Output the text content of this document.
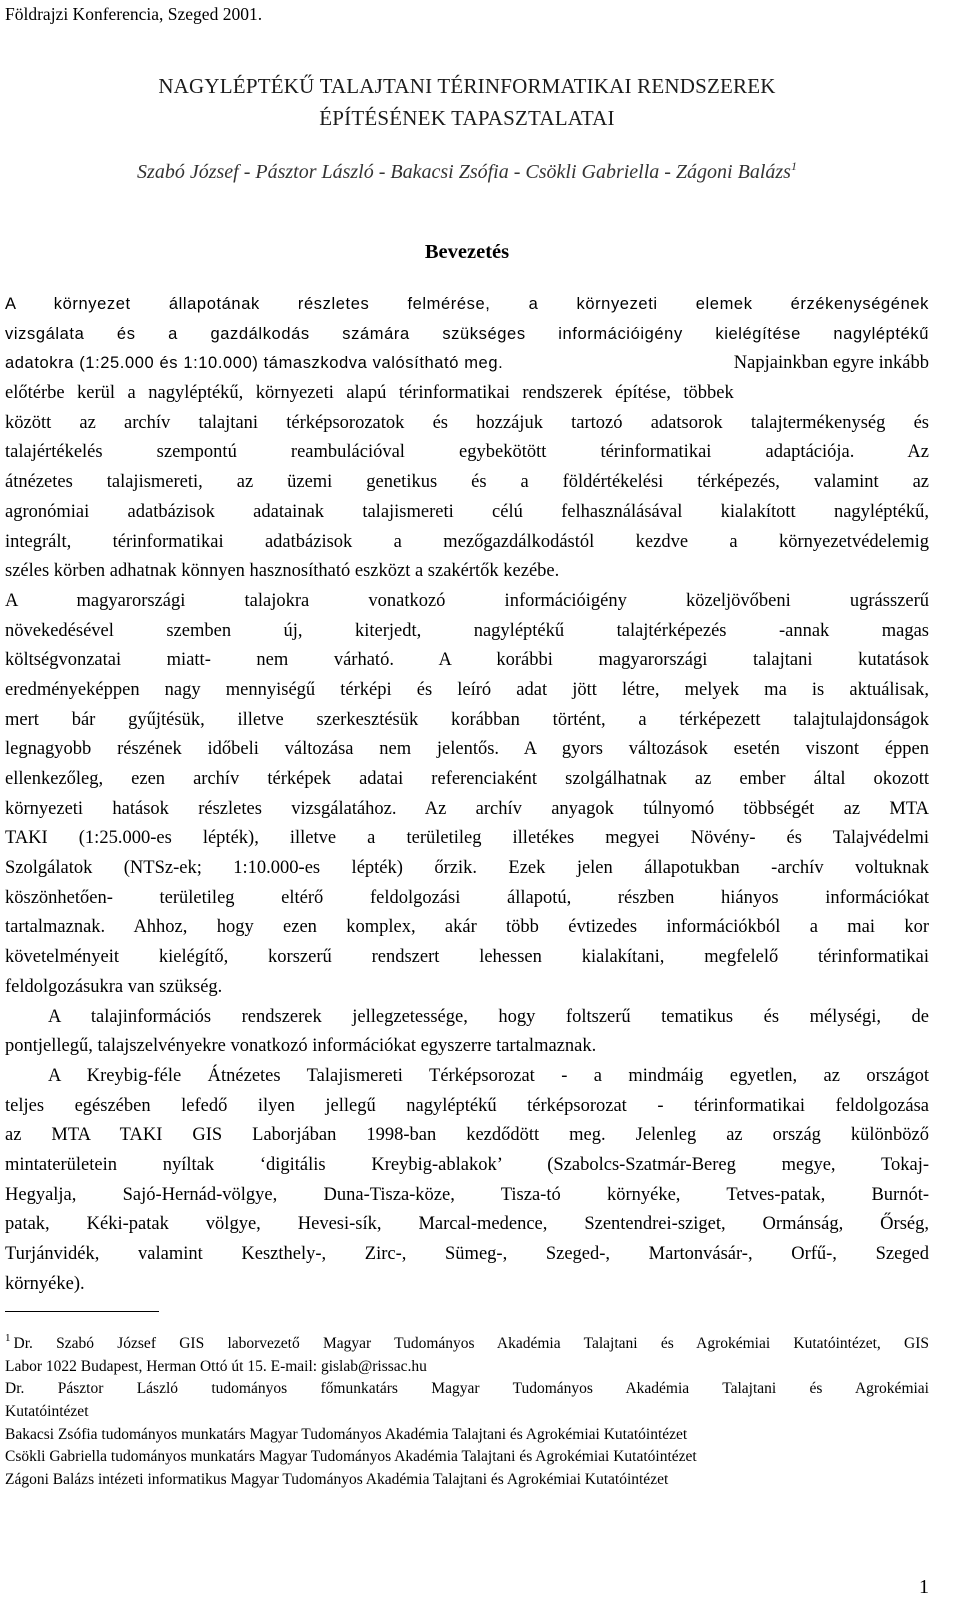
Földrajzi Konferencia, Szeged 2001.
NAGYLÉPTÉKŰ TALAJTANI TÉRINFORMATIKAI RENDSZEREK
ÉPÍTÉSÉNEK TAPASZTALATAI
Szabó József - Pásztor László - Bakacsi Zsófia - Csökli Gabriella - Zágoni Balázs$^1$
Bevezetés
A környezet állapotának részletes felmérése, a környezeti elemek érzékenységének
vizsgálata és a gazdálkodás számára szükséges információigény kielégítése nagyléptékű
adatokra (1:25.000 és 1:10.000) támaszkodva valósítható meg.	Napjainkban egyre inkább
előtérbe kerül a nagyléptékű, környezeti alapú térinformatikai rendszerek építése, többek
között az archív talajtani térképsorozatok és hozzájuk tartozó adatsorok talajtermékenység és
talajértékelés szempontú reambulációval egybekötött térinformatikai adaptációja. Az
átnézetes talajismereti, az üzemi genetikus és a földértékelési térképezés, valamint az
agronómiai adatbázisok adatainak talajismereti célú felhasználásával kialakított nagyléptékű,
integrált, térinformatikai adatbázisok a mezőgazdálkodástól kezdve a környezetvédelemig
széles körben adhatnak könnyen hasznosítható eszközt a szakértők kezébe.
A magyarországi talajokra vonatkozó információigény közeljövőbeni ugrásszerű
növekedésével szemben új, kiterjedt, nagyléptékű talajtérképezés -annak magas
költségvonzatai miatt- nem várható. A korábbi magyarországi talajtani kutatások
eredményeképpen nagy mennyiségű térképi és leíró adat jött létre, melyek ma is aktuálisak,
mert bár gyűjtésük, illetve szerkesztésük korábban történt, a térképezett talajtulajdonságok
legnagyobb részének időbeli változása nem jelentős. A gyors változások esetén viszont éppen
ellenkezőleg, ezen archív térképek adatai referenciaként szolgálhatnak az ember által okozott
környezeti hatások részletes vizsgálatához. Az archív anyagok túlnyomó többségét az MTA
TAKI (1:25.000-es lépték), illetve a területileg illetékes megyei Növény- és Talajvédelmi
Szolgálatok (NTSz-ek; 1:10.000-es lépték) őrzik. Ezek jelen állapotukban -archív voltuknak
köszönhetően- területileg eltérő feldolgozási állapotú, részben hiányos információkat
tartalmaznak. Ahhoz, hogy ezen komplex, akár több évtizedes információkból a mai kor
követelményeit kielégítő, korszerű rendszert lehessen kialakítani, megfelelő térinformatikai
feldolgozásukra van szükség.
A talajinformációs rendszerek jellegzetessége, hogy foltszerű tematikus és mélységi, de
pontjellegű, talajszelvényekre vonatkozó információkat egyszerre tartalmaznak.
A Kreybig-féle Átnézetes Talajismereti Térképsorozat - a mindmáig egyetlen, az országot
teljes egészében lefedő ilyen jellegű nagyléptékű térképsorozat - térinformatikai feldolgozása
az MTA TAKI GIS Laborjában 1998-ban kezdődött meg. Jelenleg az ország különböző
mintaterületein nyíltak ‘digitális Kreybig-ablakok’ (Szabolcs-Szatmár-Bereg megye, Tokaj-
Hegyalja, Sajó-Hernád-völgye, Duna-Tisza-köze, Tisza-tó környéke, Tetves-patak, Burnót-
patak, Kéki-patak völgye, Hevesi-sík, Marcal-medence, Szentendrei-sziget, Ormánság, Őrség,
Turjánvidék, valamint Keszthely-, Zirc-, Sümeg-, Szeged-, Martonvásár-, Orfű-, Szeged
környéke).
$^1$ Dr. Szabó József GIS laborvezető Magyar Tudományos Akadémia Talajtani és Agrokémiai Kutatóintézet, GIS
Labor 1022 Budapest, Herman Ottó út 15. E-mail: gislab@rissac.hu
Dr. Pásztor László tudományos főmunkatárs Magyar Tudományos Akadémia Talajtani és Agrokémiai
Kutatóintézet
Bakacsi Zsófia tudományos munkatárs Magyar Tudományos Akadémia Talajtani és Agrokémiai Kutatóintézet
Csökli Gabriella tudományos munkatárs Magyar Tudományos Akadémia Talajtani és Agrokémiai Kutatóintézet
Zágoni Balázs intézeti informatikus Magyar Tudományos Akadémia Talajtani és Agrokémiai Kutatóintézet
1
